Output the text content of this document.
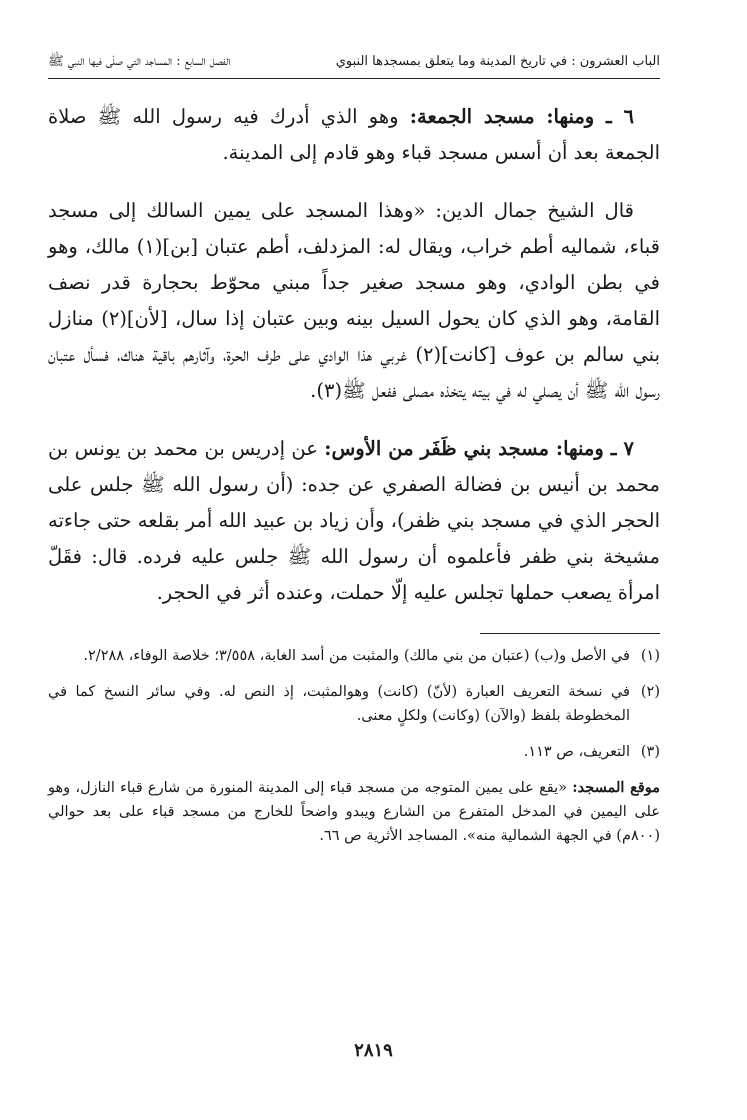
الباب العشرون : في تاريخ المدينة وما يتعلق بمسجدها النبوي
الفصل السابع : المساجد التي صلّى فيها النبي ﷺ

٦ ـ ومنها: مسجد الجمعة: وهو الذي أدرك فيه رسول الله ﷺ صلاة الجمعة بعد أن أسس مسجد قباء وهو قادم إلى المدينة.

قال الشيخ جمال الدين: «وهذا المسجد على يمين السالك إلى مسجد قباء، شماليه أطم خراب، ويقال له: المزدلف، أطم عتبان [بن](١) مالك، وهو في بطن الوادي، وهو مسجد صغير جداً مبني محوّط بحجارة قدر نصف القامة، وهو الذي كان يحول السيل بينه وبين عتبان إذا سال، [لأن](٢) منازل بني سالم بن عوف [كانت](٢) غربي هذا الوادي على طرف الحرة، وآثارهم باقية هناك، فسأل عتبان رسول الله ﷺ أن يصلي له في بيته يتخذه مصلى ففعل ﷺ(٣).

٧ ـ ومنها: مسجد بني ظَفَر من الأوس: عن إدريس بن محمد بن يونس بن محمد بن أنيس بن فضالة الصفري عن جده: (أن رسول الله ﷺ جلس على الحجر الذي في مسجد بني ظفر)، وأن زياد بن عبيد الله أمر بقلعه حتى جاءته مشيخة بني ظفر فأعلموه أن رسول الله ﷺ جلس عليه فرده. قال: فقَلّ امرأة يصعب حملها تجلس عليه إلّا حملت، وعنده أثر في الحجر.

(١)
في الأصل و(ب) (عتبان من بني مالك) والمثبت من أسد الغابة، ٣/٥٥٨؛ خلاصة الوفاء، ٢/٢٨٨.
(٢)
في نسخة التعريف العبارة (لأنّ) (كانت) وهوالمثبت، إذ النص له. وفي سائر النسخ كما في المخطوطة بلفظ (والآن) (وكانت) ولكلٍ معنى.
(٣)
التعريف، ص ١١٣.
موقع المسجد: «يقع على يمين المتوجه من مسجد قباء إلى المدينة المنورة من شارع قباء النازل، وهو على اليمين في المدخل المتفرع من الشارع ويبدو واضحاً للخارج من مسجد قباء على بعد حوالي (٨٠٠م) في الجهة الشمالية منه». المساجد الأثرية ص ٦٦.
٢٨١٩
